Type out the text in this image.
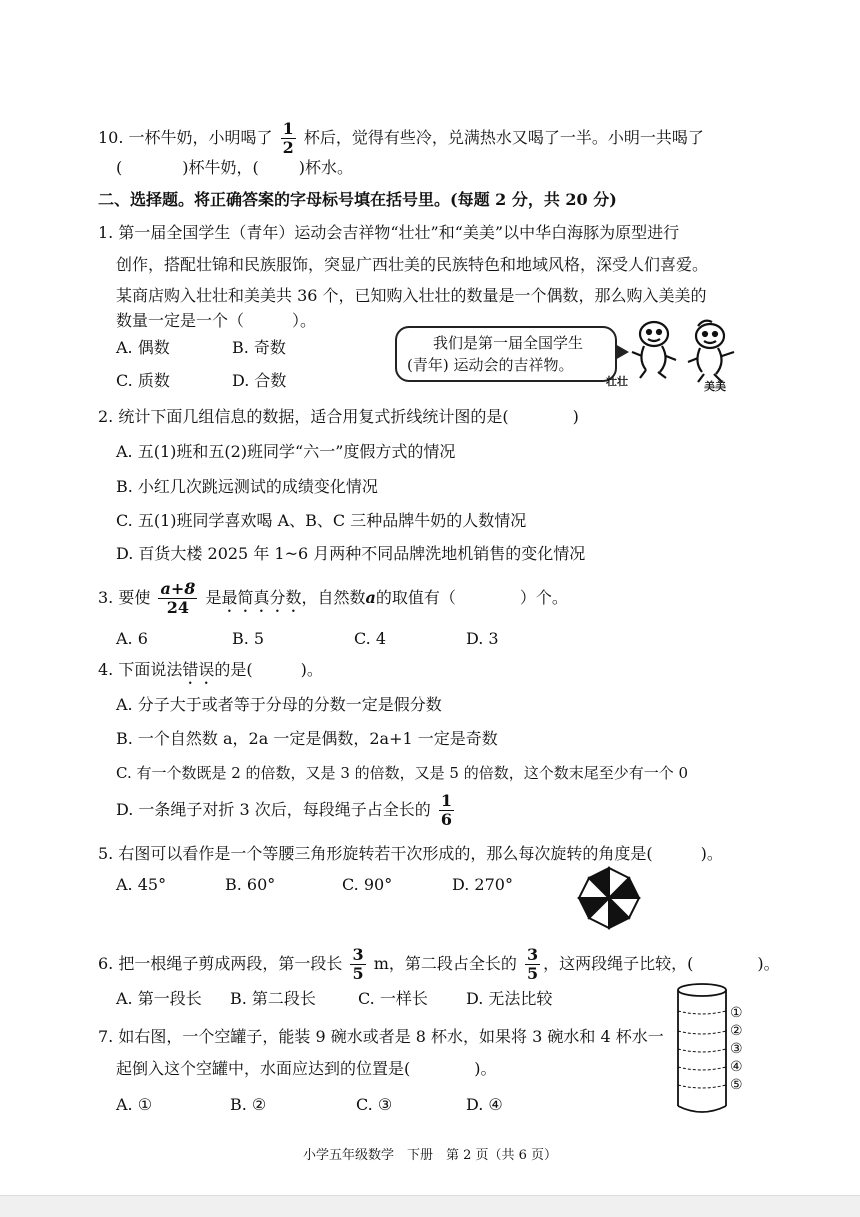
10. 一杯牛奶，小明喝了 $\frac{1}{2}$ 杯后，觉得有些冷，兑满热水又喝了一半。小明一共喝了
(	)杯牛奶，(	)杯水。
二、选择题。将正确答案的字母标号填在括号里。(每题 2 分，共 20 分)
1. 第一届全国学生（青年）运动会吉祥物“壮壮”和“美美”以中华白海豚为原型进行
创作，搭配壮锦和民族服饰，突显广西壮美的民族特色和地域风格，深受人们喜爱。
某商店购入壮壮和美美共 36 个，已知购入壮壮的数量是一个偶数，那么购入美美的
数量一定是一个（　　　）。
A. 偶数	B. 奇数
C. 质数	D. 合数
我们是第一届全国学生
(青年) 运动会的吉祥物。
壮壮	美美
2. 统计下面几组信息的数据，适合用复式折线统计图的是(　　　　)
A. 五(1)班和五(2)班同学“六一”度假方式的情况
B. 小红几次跳远测试的成绩变化情况
C. 五(1)班同学喜欢喝 A、B、C 三种品牌牛奶的人数情况
D. 百货大楼 2025 年 1~6 月两种不同品牌洗地机销售的变化情况
3. 要使 $\frac{a+8}{24}$ 是最简真分数，自然数a的取值有（　　　　）个。
A. 6	B. 5	C. 4	D. 3
4. 下面说法错误的是(　　　)。
A. 分子大于或者等于分母的分数一定是假分数
B. 一个自然数 a，2a 一定是偶数，2a+1 一定是奇数
C. 有一个数既是 2 的倍数，又是 3 的倍数，又是 5 的倍数，这个数末尾至少有一个 0
D. 一条绳子对折 3 次后，每段绳子占全长的 $\frac{1}{6}$
5. 右图可以看作是一个等腰三角形旋转若干次形成的，那么每次旋转的角度是(　　　)。
A. 45°	B. 60°	C. 90°	D. 270°
6. 把一根绳子剪成两段，第一段长 $\frac{3}{5}$ m，第二段占全长的 $\frac{3}{5}$ ，这两段绳子比较，(　　　　)。
A. 第一段长 B. 第二段长	C. 一样长 D. 无法比较
7. 如右图，一个空罐子，能装 9 碗水或者是 8 杯水，如果将 3 碗水和 4 杯水一
起倒入这个空罐中，水面应达到的位置是(　　　　)。
A. ①	B. ②	C. ③	D. ④
①
②
③
④
⑤
小学五年级数学　下册　第 2 页（共 6 页）
